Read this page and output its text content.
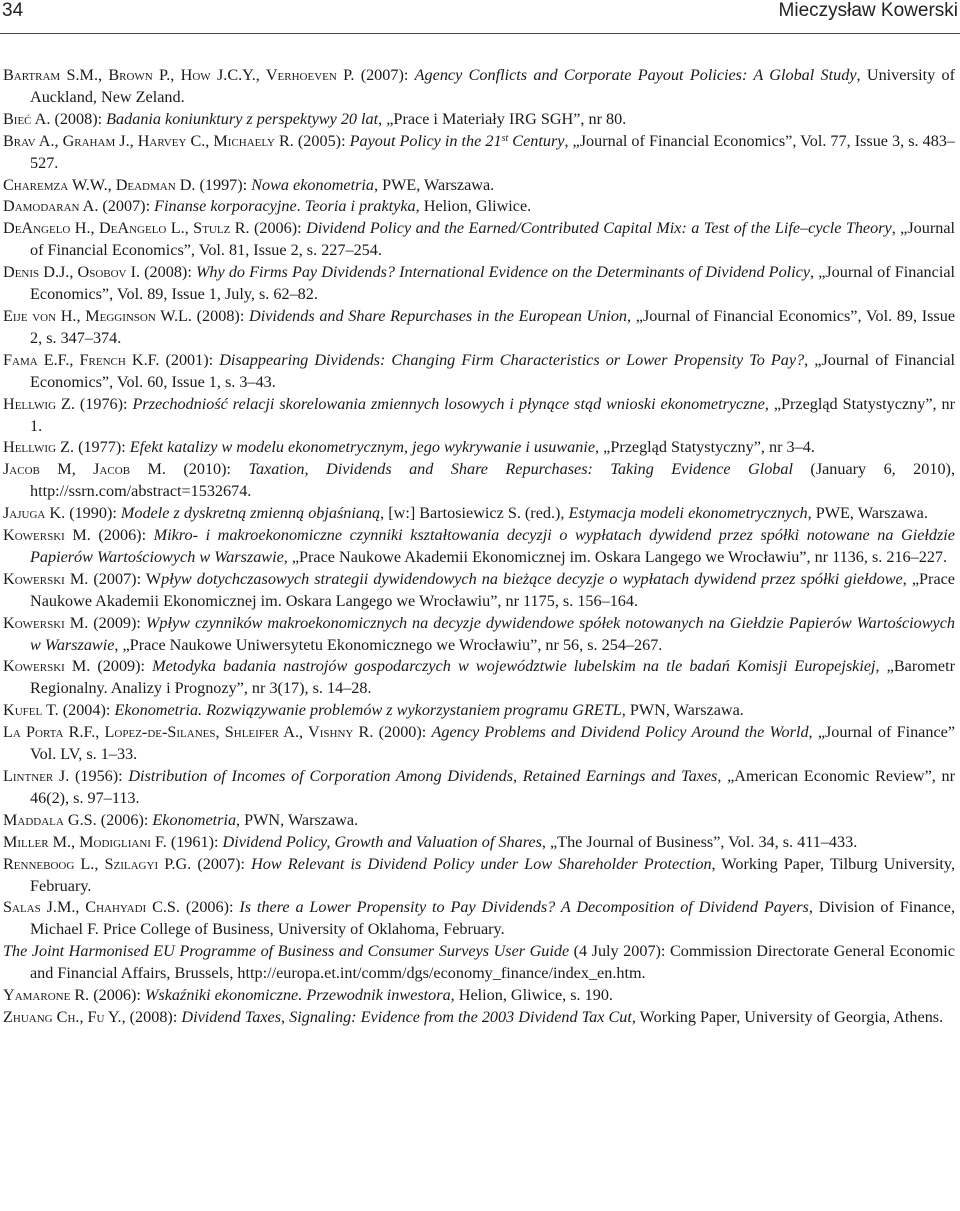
34	Mieczysław Kowerski

Bartram S.M., Brown P., How J.C.Y., Verhoeven P. (2007): Agency Conflicts and Corporate Payout Policies: A Global Study, University of Auckland, New Zeland.

Bieć A. (2008): Badania koniunktury z perspektywy 20 lat, „Prace i Materiały IRG SGH”, nr 80.

Brav A., Graham J., Harvey C., Michaely R. (2005): Payout Policy in the 21st Century, „Journal of Financial Economics”, Vol. 77, Issue 3, s. 483–527.

Charemza W.W., Deadman D. (1997): Nowa ekonometria, PWE, Warszawa.

Damodaran A. (2007): Finanse korporacyjne. Teoria i praktyka, Helion, Gliwice.

DeAngelo H., DeAngelo L., Stulz R. (2006): Dividend Policy and the Earned/Contributed Capital Mix: a Test of the Life–cycle Theory, „Journal of Financial Economics”, Vol. 81, Issue 2, s. 227–254.

Denis D.J., Osobov I. (2008): Why do Firms Pay Dividends? International Evidence on the Determinants of Dividend Policy, „Journal of Financial Economics”, Vol. 89, Issue 1, July, s. 62–82.

Eije von H., Megginson W.L. (2008): Dividends and Share Repurchases in the European Union, „Journal of Financial Economics”, Vol. 89, Issue 2, s. 347–374.

Fama E.F., French K.F. (2001): Disappearing Dividends: Changing Firm Characteristics or Lower Propensity To Pay?, „Journal of Financial Economics”, Vol. 60, Issue 1, s. 3–43.

Hellwig Z. (1976): Przechodniość relacji skorelowania zmiennych losowych i płynące stąd wnioski ekonometryczne, „Przegląd Statystyczny”, nr 1.

Hellwig Z. (1977): Efekt katalizy w modelu ekonometrycznym, jego wykrywanie i usuwanie, „Przegląd Statystyczny”, nr 3–4.

Jacob M, Jacob M. (2010): Taxation, Dividends and Share Repurchases: Taking Evidence Global (January 6, 2010), http://ssrn.com/abstract=1532674.

Jajuga K. (1990): Modele z dyskretną zmienną objaśnianą, [w:] Bartosiewicz S. (red.), Estymacja modeli ekonometrycznych, PWE, Warszawa.

Kowerski M. (2006): Mikro- i makroekonomiczne czynniki kształtowania decyzji o wypłatach dywidend przez spółki notowane na Giełdzie Papierów Wartościowych w Warszawie, „Prace Naukowe Akademii Ekonomicznej im. Oskara Langego we Wrocławiu”, nr 1136, s. 216–227.

Kowerski M. (2007): Wpływ dotychczasowych strategii dywidendowych na bieżące decyzje o wypłatach dywidend przez spółki giełdowe, „Prace Naukowe Akademii Ekonomicznej im. Oskara Langego we Wrocławiu”, nr 1175, s. 156–164.

Kowerski M. (2009): Wpływ czynników makroekonomicznych na decyzje dywidendowe spółek notowanych na Giełdzie Papierów Wartościowych w Warszawie, „Prace Naukowe Uniwersytetu Ekonomicznego we Wrocławiu”, nr 56, s. 254–267.

Kowerski M. (2009): Metodyka badania nastrojów gospodarczych w województwie lubelskim na tle badań Komisji Europejskiej, „Barometr Regionalny. Analizy i Prognozy”, nr 3(17), s. 14–28.

Kufel T. (2004): Ekonometria. Rozwiązywanie problemów z wykorzystaniem programu GRETL, PWN, Warszawa.

La Porta R.F., Lopez-de-Silanes, Shleifer A., Vishny R. (2000): Agency Problems and Dividend Policy Around the World, „Journal of Finance” Vol. LV, s. 1–33.

Lintner J. (1956): Distribution of Incomes of Corporation Among Dividends, Retained Earnings and Taxes, „American Economic Review”, nr 46(2), s. 97–113.

Maddala G.S. (2006): Ekonometria, PWN, Warszawa.

Miller M., Modigliani F. (1961): Dividend Policy, Growth and Valuation of Shares, „The Journal of Business”, Vol. 34, s. 411–433.

Renneboog L., Szilagyi P.G. (2007): How Relevant is Dividend Policy under Low Shareholder Protection, Working Paper, Tilburg University, February.

Salas J.M., Chahyadi C.S. (2006): Is there a Lower Propensity to Pay Dividends? A Decomposition of Dividend Payers, Division of Finance, Michael F. Price College of Business, University of Oklahoma, February.

The Joint Harmonised EU Programme of Business and Consumer Surveys User Guide (4 July 2007): Commission Directorate General Economic and Financial Affairs, Brussels, http://europa.et.int/comm/dgs/economy_finance/index_en.htm.

Yamarone R. (2006): Wskaźniki ekonomiczne. Przewodnik inwestora, Helion, Gliwice, s. 190.

Zhuang Ch., Fu Y., (2008): Dividend Taxes, Signaling: Evidence from the 2003 Dividend Tax Cut, Working Paper, University of Georgia, Athens.
